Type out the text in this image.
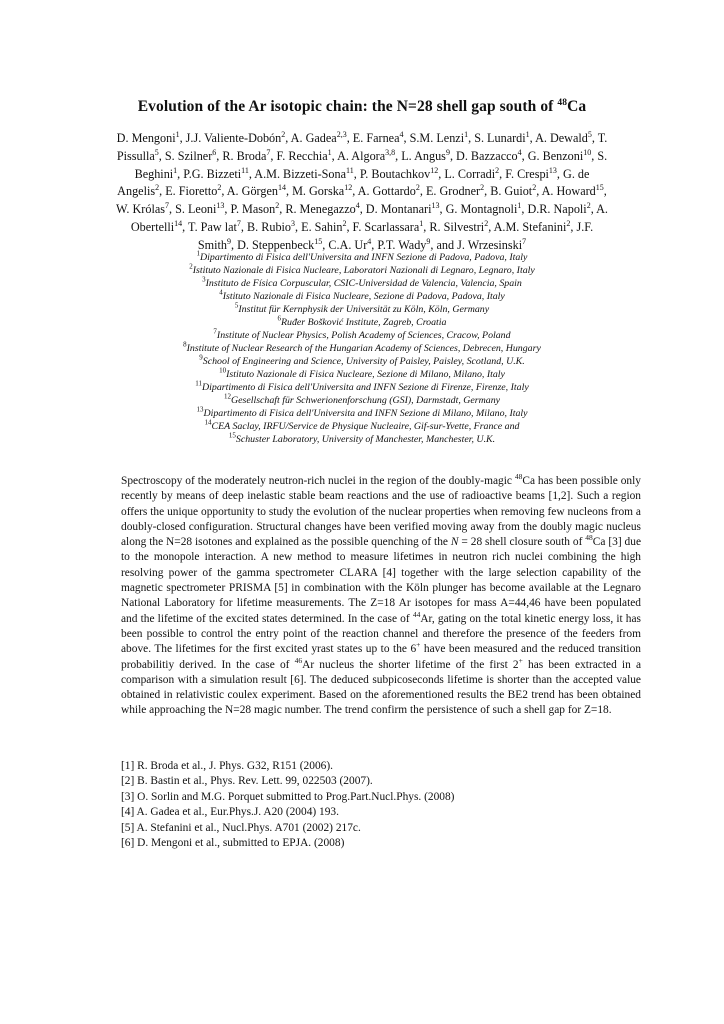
Evolution of the Ar isotopic chain: the N=28 shell gap south of $^{48}$Ca
D. Mengoni$^1$, J.J. Valiente-Dobón$^2$, A. Gadea$^{2,3}$, E. Farnea$^4$, S.M. Lenzi$^1$, S. Lunardi$^1$, A. Dewald$^5$, T. Pissulla$^5$, S. Szilner$^6$, R. Broda$^7$, F. Recchia$^1$, A. Algora$^{3,8}$, L. Angus$^9$, D. Bazzacco$^4$, G. Benzoni$^{10}$, S. Beghini$^1$, P.G. Bizzeti$^{11}$, A.M. Bizzeti-Sona$^{11}$, P. Boutachkov$^{12}$, L. Corradi$^2$, F. Crespi$^{13}$, G. de Angelis$^2$, E. Fioretto$^2$, A. Görgen$^{14}$, M. Gorska$^{12}$, A. Gottardo$^2$, E. Grodner$^2$, B. Guiot$^2$, A. Howard$^{15}$, W. Królas$^7$, S. Leoni$^{13}$, P. Mason$^2$, R. Menegazzo$^4$, D. Montanari$^{13}$, G. Montagnoli$^1$, D.R. Napoli$^2$, A. Obertelli$^{14}$, T. Paw lat$^7$, B. Rubio$^3$, E. Sahin$^2$, F. Scarlassara$^1$, R. Silvestri$^2$, A.M. Stefanini$^2$, J.F. Smith$^9$, D. Steppenbeck$^{15}$, C.A. Ur$^4$, P.T. Wady$^9$, and J. Wrzesinski$^7$
$^1$Dipartimento di Fisica dell'Universita and INFN Sezione di Padova, Padova, Italy
$^2$Istituto Nazionale di Fisica Nucleare, Laboratori Nazionali di Legnaro, Legnaro, Italy
$^3$Instituto de Física Corpuscular, CSIC-Universidad de Valencia, Valencia, Spain
$^4$Istituto Nazionale di Fisica Nucleare, Sezione di Padova, Padova, Italy
$^5$Institut für Kernphysik der Universität zu Köln, Köln, Germany
$^6$Ruđer Bošković Institute, Zagreb, Croatia
$^7$Institute of Nuclear Physics, Polish Academy of Sciences, Cracow, Poland
$^8$Institute of Nuclear Research of the Hungarian Academy of Sciences, Debrecen, Hungary
$^9$School of Engineering and Science, University of Paisley, Paisley, Scotland, U.K.
$^{10}$Istituto Nazionale di Fisica Nucleare, Sezione di Milano, Milano, Italy
$^{11}$Dipartimento di Fisica dell'Universita and INFN Sezione di Firenze, Firenze, Italy
$^{12}$Gesellschaft für Schwerionenforschung (GSI), Darmstadt, Germany
$^{13}$Dipartimento di Fisica dell'Universita and INFN Sezione di Milano, Milano, Italy
$^{14}$CEA Saclay, IRFU/Service de Physique Nucleaire, Gif-sur-Yvette, France and
$^{15}$Schuster Laboratory, University of Manchester, Manchester, U.K.
Spectroscopy of the moderately neutron-rich nuclei in the region of the doubly-magic $^{48}$Ca has been possible only recently by means of deep inelastic stable beam reactions and the use of radioactive beams [1,2]. Such a region offers the unique opportunity to study the evolution of the nuclear properties when removing few nucleons from a doubly-closed configuration. Structural changes have been verified moving away from the doubly magic nucleus along the N=28 isotones and explained as the possible quenching of the N = 28 shell closure south of $^{48}$Ca [3] due to the monopole interaction. A new method to measure lifetimes in neutron rich nuclei combining the high resolving power of the gamma spectrometer CLARA [4] together with the large selection capability of the magnetic spectrometer PRISMA [5] in combination with the Köln plunger has become available at the Legnaro National Laboratory for lifetime measurements. The Z=18 Ar isotopes for mass A=44,46 have been populated and the lifetime of the excited states determined. In the case of $^{44}$Ar, gating on the total kinetic energy loss, it has been possible to control the entry point of the reaction channel and therefore the presence of the feeders from above. The lifetimes for the first excited yrast states up to the 6+ have been measured and the reduced transition probabilitiy derived. In the case of $^{46}$Ar nucleus the shorter lifetime of the first 2+ has been extracted in a comparison with a simulation result [6]. The deduced subpicoseconds lifetime is shorter than the accepted value obtained in relativistic coulex experiment. Based on the aforementioned results the BE2 trend has been obtained while approaching the N=28 magic number. The trend confirm the persistence of such a shell gap for Z=18.
[1] R. Broda et al., J. Phys. G32, R151 (2006).
[2] B. Bastin et al., Phys. Rev. Lett. 99, 022503 (2007).
[3] O. Sorlin and M.G. Porquet submitted to Prog.Part.Nucl.Phys. (2008)
[4] A. Gadea et al., Eur.Phys.J. A20 (2004) 193.
[5] A. Stefanini et al., Nucl.Phys. A701 (2002) 217c.
[6] D. Mengoni et al., submitted to EPJA. (2008)
